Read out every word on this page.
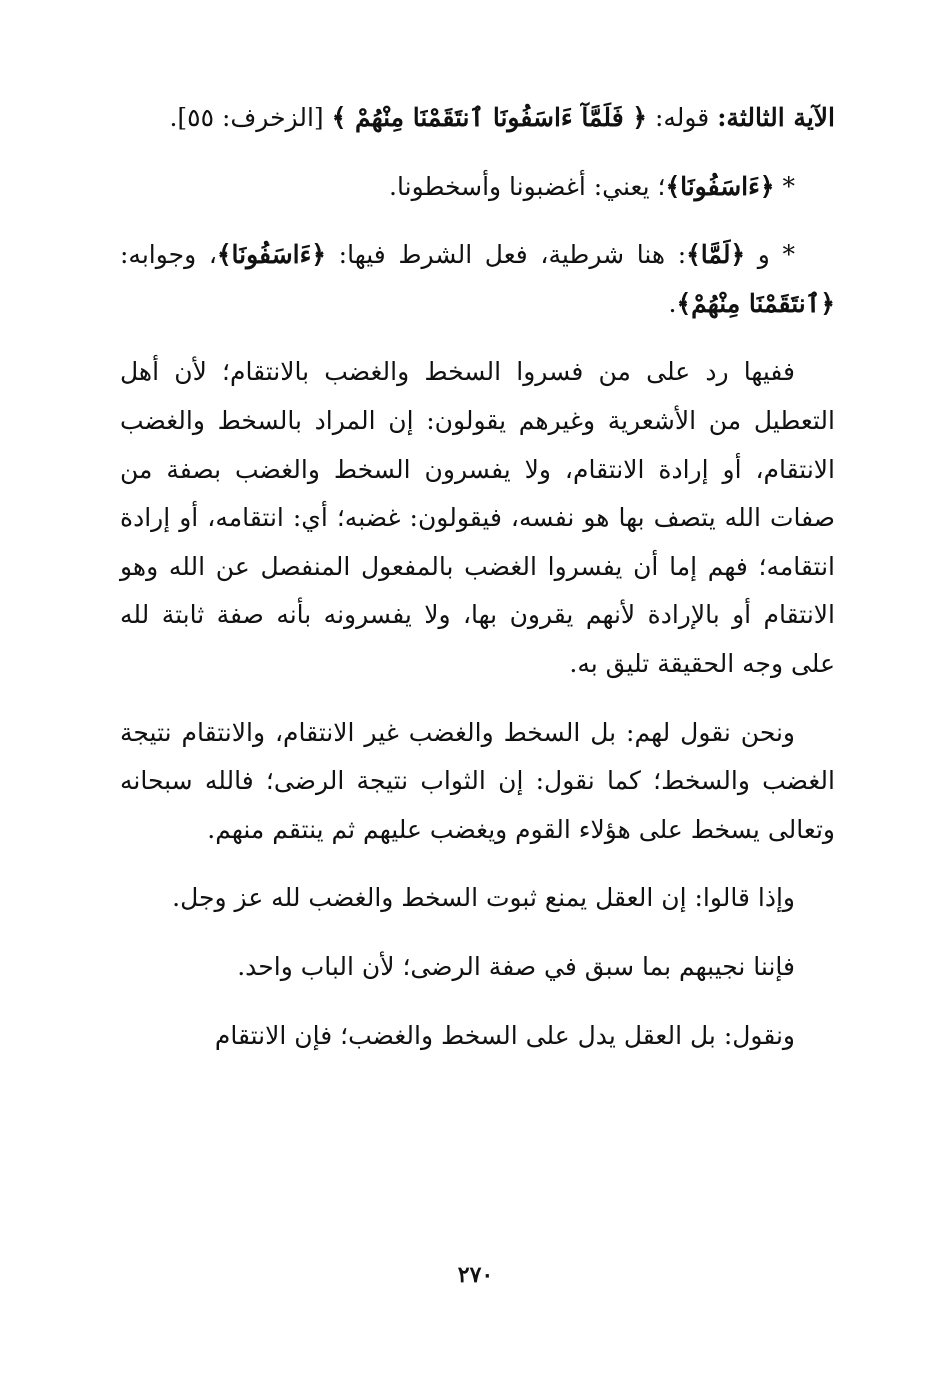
الآية الثالثة: قوله: ﴿ فَلَمَّآ ءَاسَفُونَا ٱنتَقَمْنَا مِنْهُمْ ﴾ [الزخرف: ٥٥].

* ﴿ءَاسَفُونَا﴾؛ يعني: أغضبونا وأسخطونا.

* و ﴿لَمَّا﴾: هنا شرطية، فعل الشرط فيها: ﴿ءَاسَفُونَا﴾، وجوابه: ﴿ٱنتَقَمْنَا مِنْهُمْ﴾.

ففيها رد على من فسروا السخط والغضب بالانتقام؛ لأن أهل التعطيل من الأشعرية وغيرهم يقولون: إن المراد بالسخط والغضب الانتقام، أو إرادة الانتقام، ولا يفسرون السخط والغضب بصفة من صفات الله يتصف بها هو نفسه، فيقولون: غضبه؛ أي: انتقامه، أو إرادة انتقامه؛ فهم إما أن يفسروا الغضب بالمفعول المنفصل عن الله وهو الانتقام أو بالإرادة لأنهم يقرون بها، ولا يفسرونه بأنه صفة ثابتة لله على وجه الحقيقة تليق به.

ونحن نقول لهم: بل السخط والغضب غير الانتقام، والانتقام نتيجة الغضب والسخط؛ كما نقول: إن الثواب نتيجة الرضى؛ فالله سبحانه وتعالى يسخط على هؤلاء القوم ويغضب عليهم ثم ينتقم منهم.

وإذا قالوا: إن العقل يمنع ثبوت السخط والغضب لله عز وجل.

فإننا نجيبهم بما سبق في صفة الرضى؛ لأن الباب واحد.

ونقول: بل العقل يدل على السخط والغضب؛ فإن الانتقام

٢٧٠
